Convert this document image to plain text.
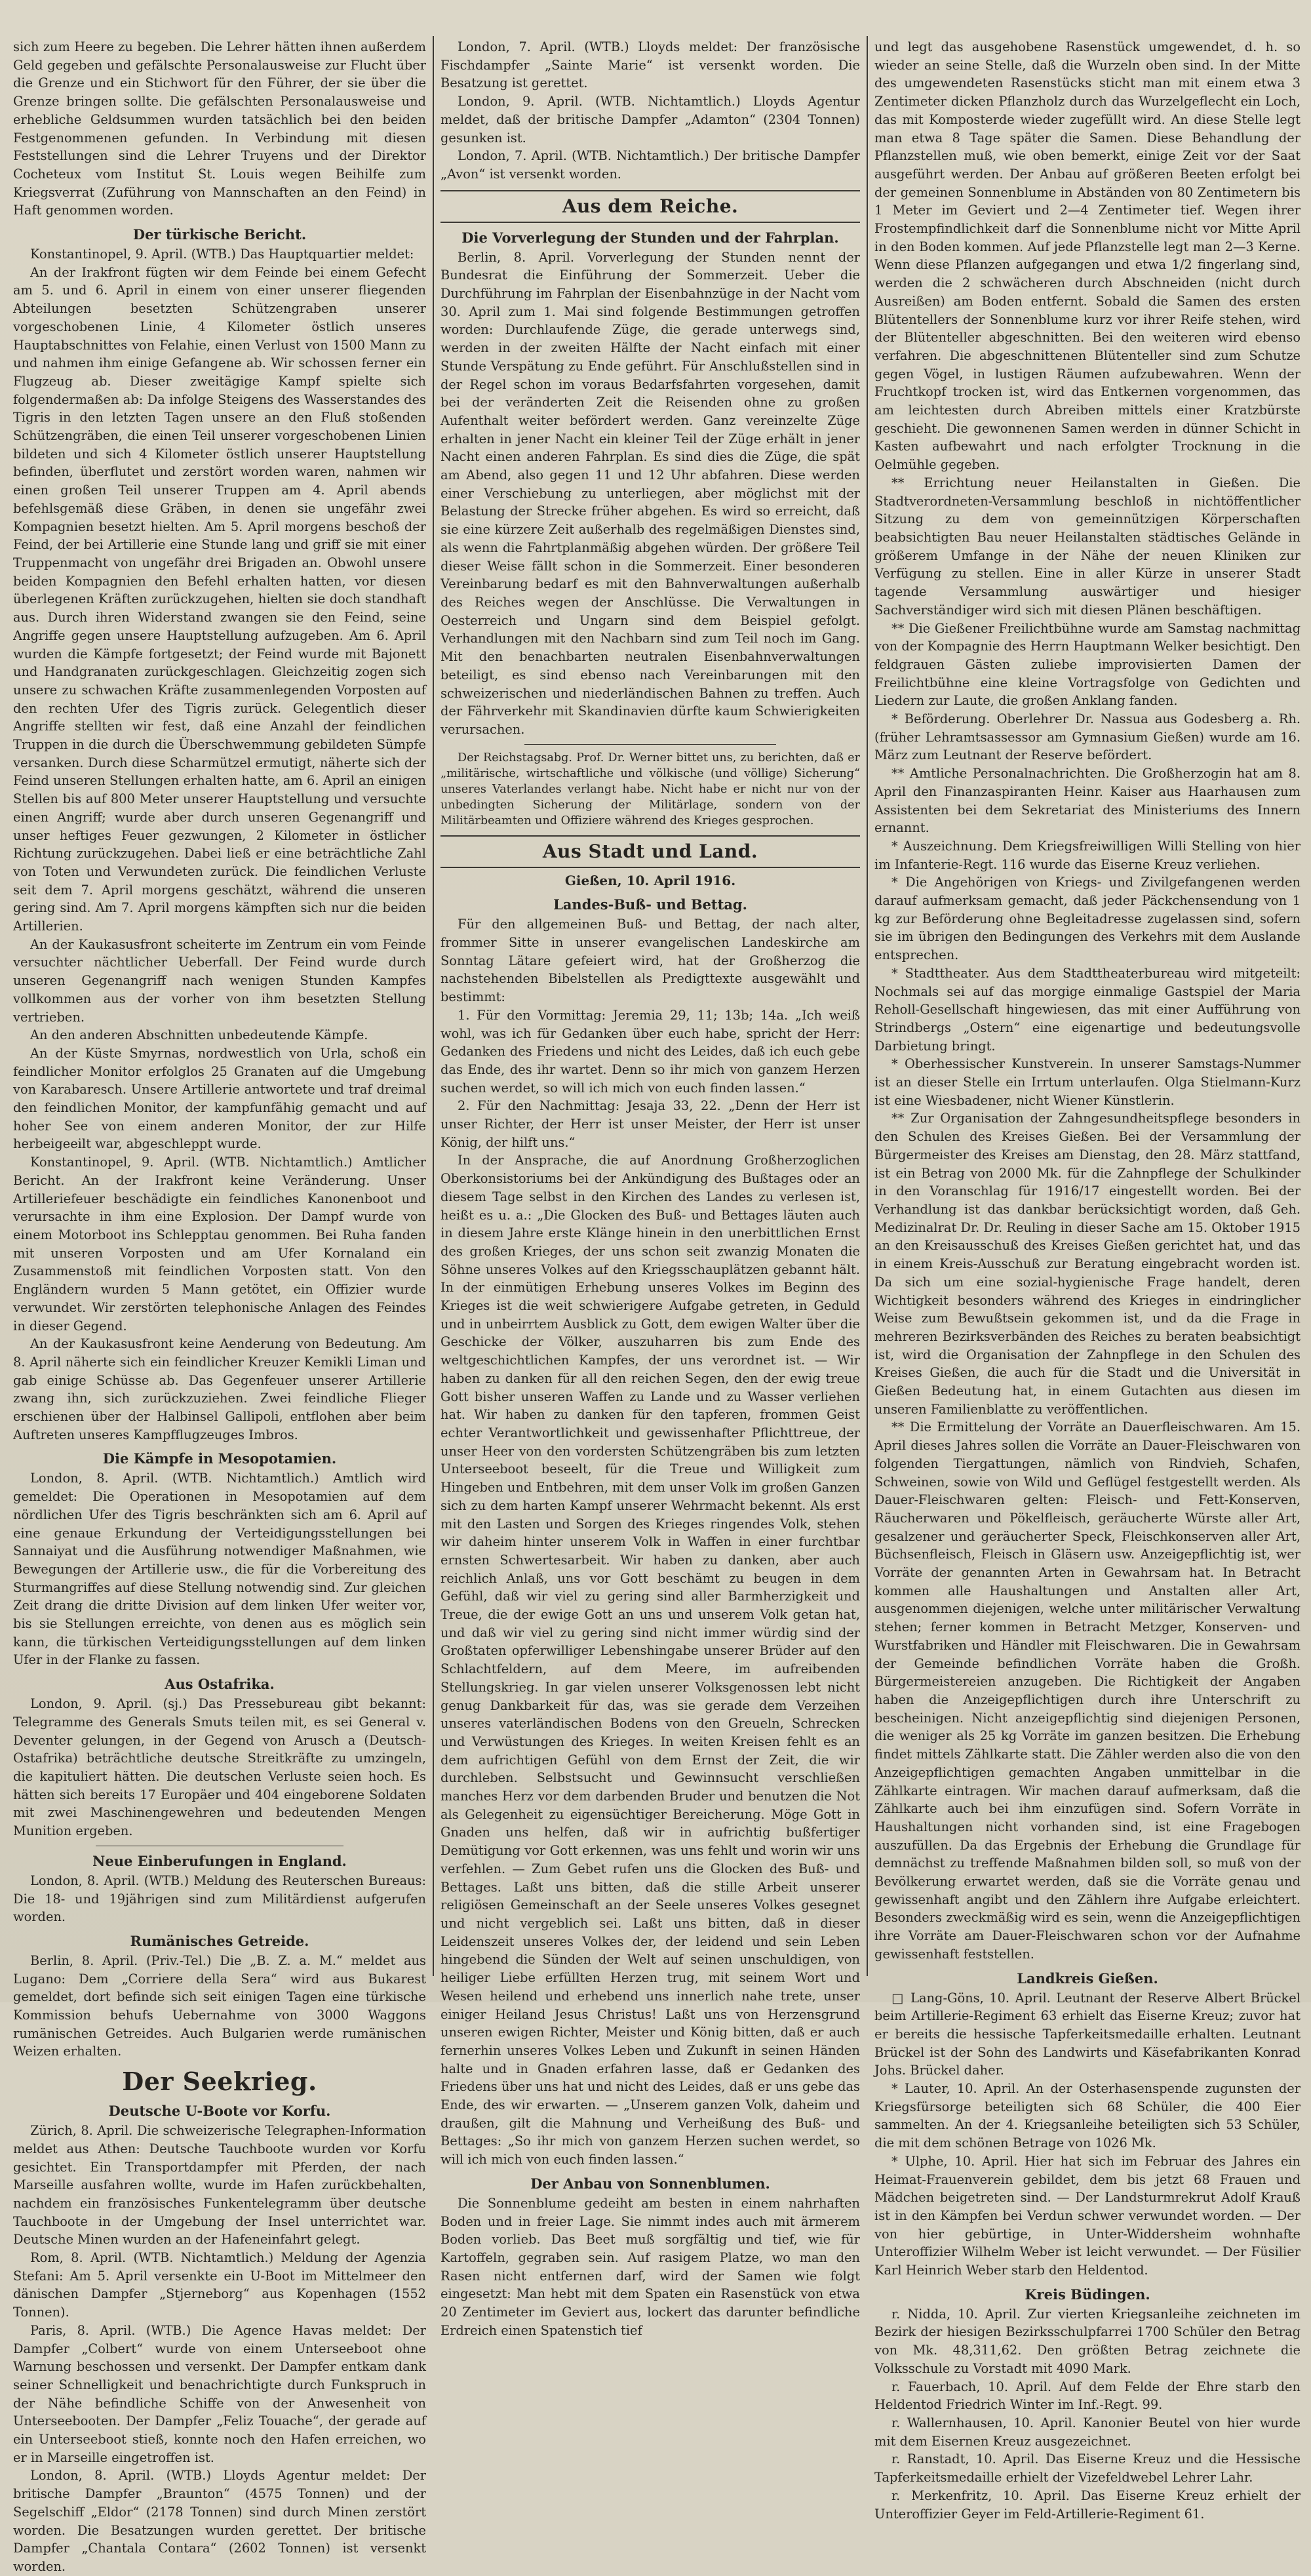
sich zum Heere zu begeben. Die Lehrer hätten ihnen außerdem Geld gegeben und gefälschte Personalausweise zur Flucht über die Grenze und ein Stichwort für den Führer, der sie über die Grenze bringen sollte. Die gefälschten Personalausweise und erhebliche Geldsummen wurden tatsächlich bei den beiden Festgenommenen gefunden. In Verbindung mit diesen Feststellungen sind die Lehrer Truyens und der Direktor Cocheteux vom Institut St. Louis wegen Beihilfe zum Kriegsverrat (Zuführung von Mannschaften an den Feind) in Haft genommen worden.

Der türkische Bericht.

Konstantinopel, 9. April. (WTB.) Das Hauptquartier meldet:

An der Irakfront fügten wir dem Feinde bei einem Gefecht am 5. und 6. April in einem von einer unserer fliegenden Abteilungen besetzten Schützengraben unserer vorgeschobenen Linie, 4 Kilometer östlich unseres Hauptabschnittes von Felahie, einen Verlust von 1500 Mann zu und nahmen ihm einige Gefangene ab. Wir schossen ferner ein Flugzeug ab. Dieser zweitägige Kampf spielte sich folgendermaßen ab: Da infolge Steigens des Wasserstandes des Tigris in den letzten Tagen unsere an den Fluß stoßenden Schützengräben, die einen Teil unserer vorgeschobenen Linien bildeten und sich 4 Kilometer östlich unserer Hauptstellung befinden, überflutet und zerstört worden waren, nahmen wir einen großen Teil unserer Truppen am 4. April abends befehlsgemäß diese Gräben, in denen sie ungefähr zwei Kompagnien besetzt hielten. Am 5. April morgens beschoß der Feind, der bei Artillerie eine Stunde lang und griff sie mit einer Truppenmacht von ungefähr drei Brigaden an. Obwohl unsere beiden Kompagnien den Befehl erhalten hatten, vor diesen überlegenen Kräften zurückzugehen, hielten sie doch standhaft aus. Durch ihren Widerstand zwangen sie den Feind, seine Angriffe gegen unsere Hauptstellung aufzugeben. Am 6. April wurden die Kämpfe fortgesetzt; der Feind wurde mit Bajonett und Handgranaten zurückgeschlagen. Gleichzeitig zogen sich unsere zu schwachen Kräfte zusammenlegenden Vorposten auf den rechten Ufer des Tigris zurück. Gelegentlich dieser Angriffe stellten wir fest, daß eine Anzahl der feindlichen Truppen in die durch die Überschwemmung gebildeten Sümpfe versanken. Durch diese Scharmützel ermutigt, näherte sich der Feind unseren Stellungen erhalten hatte, am 6. April an einigen Stellen bis auf 800 Meter unserer Hauptstellung und versuchte einen Angriff; wurde aber durch unseren Gegenangriff und unser heftiges Feuer gezwungen, 2 Kilometer in östlicher Richtung zurückzugehen. Dabei ließ er eine beträchtliche Zahl von Toten und Verwundeten zurück. Die feindlichen Verluste seit dem 7. April morgens geschätzt, während die unseren gering sind. Am 7. April morgens kämpften sich nur die beiden Artillerien.

An der Kaukasusfront scheiterte im Zentrum ein vom Feinde versuchter nächtlicher Ueberfall. Der Feind wurde durch unseren Gegenangriff nach wenigen Stunden Kampfes vollkommen aus der vorher von ihm besetzten Stellung vertrieben.

An den anderen Abschnitten unbedeutende Kämpfe.

An der Küste Smyrnas, nordwestlich von Urla, schoß ein feindlicher Monitor erfolglos 25 Granaten auf die Umgebung von Karabaresch. Unsere Artillerie antwortete und traf dreimal den feindlichen Monitor, der kampfunfähig gemacht und auf hoher See von einem anderen Monitor, der zur Hilfe herbeigeeilt war, abgeschleppt wurde.

Konstantinopel, 9. April. (WTB. Nichtamtlich.) Amtlicher Bericht. An der Irakfront keine Veränderung. Unser Artilleriefeuer beschädigte ein feindliches Kanonenboot und verursachte in ihm eine Explosion. Der Dampf wurde von einem Motorboot ins Schlepptau genommen. Bei Ruha fanden mit unseren Vorposten und am Ufer Kornaland ein Zusammenstoß mit feindlichen Vorposten statt. Von den Engländern wurden 5 Mann getötet, ein Offizier wurde verwundet. Wir zerstörten telephonische Anlagen des Feindes in dieser Gegend.

An der Kaukasusfront keine Aenderung von Bedeutung. Am 8. April näherte sich ein feindlicher Kreuzer Kemikli Liman und gab einige Schüsse ab. Das Gegenfeuer unserer Artillerie zwang ihn, sich zurückzuziehen. Zwei feindliche Flieger erschienen über der Halbinsel Gallipoli, entflohen aber beim Auftreten unseres Kampfflugzeuges Imbros.

Die Kämpfe in Mesopotamien.

London, 8. April. (WTB. Nichtamtlich.) Amtlich wird gemeldet: Die Operationen in Mesopotamien auf dem nördlichen Ufer des Tigris beschränkten sich am 6. April auf eine genaue Erkundung der Verteidigungsstellungen bei Sannaiyat und die Ausführung notwendiger Maßnahmen, wie Bewegungen der Artillerie usw., die für die Vorbereitung des Sturmangriffes auf diese Stellung notwendig sind. Zur gleichen Zeit drang die dritte Division auf dem linken Ufer weiter vor, bis sie Stellungen erreichte, von denen aus es möglich sein kann, die türkischen Verteidigungsstellungen auf dem linken Ufer in der Flanke zu fassen.

Aus Ostafrika.

London, 9. April. (sj.) Das Pressebureau gibt bekannt: Telegramme des Generals Smuts teilen mit, es sei General v. Deventer gelungen, in der Gegend von Arusch a (Deutsch-Ostafrika) beträchtliche deutsche Streitkräfte zu umzingeln, die kapituliert hätten. Die deutschen Verluste seien hoch. Es hätten sich bereits 17 Europäer und 404 eingeborene Soldaten mit zwei Maschinengewehren und bedeutenden Mengen Munition ergeben.

Neue Einberufungen in England.

London, 8. April. (WTB.) Meldung des Reuterschen Bureaus: Die 18- und 19jährigen sind zum Militärdienst aufgerufen worden.

Rumänisches Getreide.

Berlin, 8. April. (Priv.-Tel.) Die „B. Z. a. M.“ meldet aus Lugano: Dem „Corriere della Sera“ wird aus Bukarest gemeldet, dort befinde sich seit einigen Tagen eine türkische Kommission behufs Uebernahme von 3000 Waggons rumänischen Getreides. Auch Bulgarien werde rumänischen Weizen erhalten.

Der Seekrieg.
Deutsche U-Boote vor Korfu.

Zürich, 8. April. Die schweizerische Telegraphen-Information meldet aus Athen: Deutsche Tauchboote wurden vor Korfu gesichtet. Ein Transportdampfer mit Pferden, der nach Marseille ausfahren wollte, wurde im Hafen zurückbehalten, nachdem ein französisches Funkentelegramm über deutsche Tauchboote in der Umgebung der Insel unterrichtet war. Deutsche Minen wurden an der Hafeneinfahrt gelegt.

Rom, 8. April. (WTB. Nichtamtlich.) Meldung der Agenzia Stefani: Am 5. April versenkte ein U-Boot im Mittelmeer den dänischen Dampfer „Stjerneborg“ aus Kopenhagen (1552 Tonnen).

Paris, 8. April. (WTB.) Die Agence Havas meldet: Der Dampfer „Colbert“ wurde von einem Unterseeboot ohne Warnung beschossen und versenkt. Der Dampfer entkam dank seiner Schnelligkeit und benachrichtigte durch Funkspruch in der Nähe befindliche Schiffe von der Anwesenheit von Unterseebooten. Der Dampfer „Feliz Touache“, der gerade auf ein Unterseeboot stieß, konnte noch den Hafen erreichen, wo er in Marseille eingetroffen ist.

London, 8. April. (WTB.) Lloyds Agentur meldet: Der britische Dampfer „Braunton“ (4575 Tonnen) und der Segelschiff „Eldor“ (2178 Tonnen) sind durch Minen zerstört worden. Die Besatzungen wurden gerettet. Der britische Dampfer „Chantala Contara“ (2602 Tonnen) ist versenkt worden.

London, 7. April. (WTB.) Lloyds meldet: Der französische Fischdampfer „Sainte Marie“ ist versenkt worden. Die Besatzung ist gerettet.

London, 9. April. (WTB. Nichtamtlich.) Lloyds Agentur meldet, daß der britische Dampfer „Adamton“ (2304 Tonnen) gesunken ist.

London, 7. April. (WTB. Nichtamtlich.) Der britische Dampfer „Avon“ ist versenkt worden.

Aus dem Reiche.
Die Vorverlegung der Stunden und der Fahrplan.

Berlin, 8. April. Vorverlegung der Stunden nennt der Bundesrat die Einführung der Sommerzeit. Ueber die Durchführung im Fahrplan der Eisenbahnzüge in der Nacht vom 30. April zum 1. Mai sind folgende Bestimmungen getroffen worden: Durchlaufende Züge, die gerade unterwegs sind, werden in der zweiten Hälfte der Nacht einfach mit einer Stunde Verspätung zu Ende geführt. Für Anschlußstellen sind in der Regel schon im voraus Bedarfsfahrten vorgesehen, damit bei der veränderten Zeit die Reisenden ohne zu großen Aufenthalt weiter befördert werden. Ganz vereinzelte Züge erhalten in jener Nacht ein kleiner Teil der Züge erhält in jener Nacht einen anderen Fahrplan. Es sind dies die Züge, die spät am Abend, also gegen 11 und 12 Uhr abfahren. Diese werden einer Verschiebung zu unterliegen, aber möglichst mit der Belastung der Strecke früher abgehen. Es wird so erreicht, daß sie eine kürzere Zeit außerhalb des regelmäßigen Dienstes sind, als wenn die Fahrtplanmäßig abgehen würden. Der größere Teil dieser Weise fällt schon in die Sommerzeit. Einer besonderen Vereinbarung bedarf es mit den Bahnverwaltungen außerhalb des Reiches wegen der Anschlüsse. Die Verwaltungen in Oesterreich und Ungarn sind dem Beispiel gefolgt. Verhandlungen mit den Nachbarn sind zum Teil noch im Gang. Mit den benachbarten neutralen Eisenbahnverwaltungen beteiligt, es sind ebenso nach Vereinbarungen mit den schweizerischen und niederländischen Bahnen zu treffen. Auch der Fährverkehr mit Skandinavien dürfte kaum Schwierigkeiten verursachen.

Der Reichstagsabg. Prof. Dr. Werner bittet uns, zu berichten, daß er „militärische, wirtschaftliche und völkische (und völlige) Sicherung“ unseres Vaterlandes verlangt habe. Nicht habe er nicht nur von der unbedingten Sicherung der Militärlage, sondern von der Militärbeamten und Offiziere während des Krieges gesprochen.

Aus Stadt und Land.
Gießen, 10. April 1916.
Landes-Buß- und Bettag.

Für den allgemeinen Buß- und Bettag, der nach alter, frommer Sitte in unserer evangelischen Landeskirche am Sonntag Lätare gefeiert wird, hat der Großherzog die nachstehenden Bibelstellen als Predigttexte ausgewählt und bestimmt:

1. Für den Vormittag: Jeremia 29, 11; 13b; 14a. „Ich weiß wohl, was ich für Gedanken über euch habe, spricht der Herr: Gedanken des Friedens und nicht des Leides, daß ich euch gebe das Ende, des ihr wartet. Denn so ihr mich von ganzem Herzen suchen werdet, so will ich mich von euch finden lassen.“

2. Für den Nachmittag: Jesaja 33, 22. „Denn der Herr ist unser Richter, der Herr ist unser Meister, der Herr ist unser König, der hilft uns.“

In der Ansprache, die auf Anordnung Großherzoglichen Oberkonsistoriums bei der Ankündigung des Bußtages oder an diesem Tage selbst in den Kirchen des Landes zu verlesen ist, heißt es u. a.: „Die Glocken des Buß- und Bettages läuten auch in diesem Jahre erste Klänge hinein in den unerbittlichen Ernst des großen Krieges, der uns schon seit zwanzig Monaten die Söhne unseres Volkes auf den Kriegsschauplätzen gebannt hält. In der einmütigen Erhebung unseres Volkes im Beginn des Krieges ist die weit schwierigere Aufgabe getreten, in Geduld und in unbeirrtem Ausblick zu Gott, dem ewigen Walter über die Geschicke der Völker, auszuharren bis zum Ende des weltgeschichtlichen Kampfes, der uns verordnet ist. — Wir haben zu danken für all den reichen Segen, den der ewig treue Gott bisher unseren Waffen zu Lande und zu Wasser verliehen hat. Wir haben zu danken für den tapferen, frommen Geist echter Verantwortlichkeit und gewissenhafter Pflichttreue, der unser Heer von den vordersten Schützengräben bis zum letzten Unterseeboot beseelt, für die Treue und Willigkeit zum Hingeben und Entbehren, mit dem unser Volk im großen Ganzen sich zu dem harten Kampf unserer Wehrmacht bekennt. Als erst mit den Lasten und Sorgen des Krieges ringendes Volk, stehen wir daheim hinter unserem Volk in Waffen in einer furchtbar ernsten Schwertesarbeit. Wir haben zu danken, aber auch reichlich Anlaß, uns vor Gott beschämt zu beugen in dem Gefühl, daß wir viel zu gering sind aller Barmherzigkeit und Treue, die der ewige Gott an uns und unserem Volk getan hat, und daß wir viel zu gering sind nicht immer würdig sind der Großtaten opferwilliger Lebenshingabe unserer Brüder auf den Schlachtfeldern, auf dem Meere, im aufreibenden Stellungskrieg. In gar vielen unserer Volksgenossen lebt nicht genug Dankbarkeit für das, was sie gerade dem Verzeihen unseres vaterländischen Bodens von den Greueln, Schrecken und Verwüstungen des Krieges. In weiten Kreisen fehlt es an dem aufrichtigen Gefühl von dem Ernst der Zeit, die wir durchleben. Selbstsucht und Gewinnsucht verschließen manches Herz vor dem darbenden Bruder und benutzen die Not als Gelegenheit zu eigensüchtiger Bereicherung. Möge Gott in Gnaden uns helfen, daß wir in aufrichtig bußfertiger Demütigung vor Gott erkennen, was uns fehlt und worin wir uns verfehlen. — Zum Gebet rufen uns die Glocken des Buß- und Bettages. Laßt uns bitten, daß die stille Arbeit unserer religiösen Gemeinschaft an der Seele unseres Volkes gesegnet und nicht vergeblich sei. Laßt uns bitten, daß in dieser Leidenszeit unseres Volkes der, der leidend und sein Leben hingebend die Sünden der Welt auf seinen unschuldigen, von heiliger Liebe erfüllten Herzen trug, mit seinem Wort und Wesen heilend und erhebend uns innerlich nahe trete, unser einiger Heiland Jesus Christus! Laßt uns von Herzensgrund unseren ewigen Richter, Meister und König bitten, daß er auch fernerhin unseres Volkes Leben und Zukunft in seinen Händen halte und in Gnaden erfahren lasse, daß er Gedanken des Friedens über uns hat und nicht des Leides, daß er uns gebe das Ende, des wir erwarten. — „Unserem ganzen Volk, daheim und draußen, gilt die Mahnung und Verheißung des Buß- und Bettages: „So ihr mich von ganzem Herzen suchen werdet, so will ich mich von euch finden lassen.“

Der Anbau von Sonnenblumen.

Die Sonnenblume gedeiht am besten in einem nahrhaften Boden und in freier Lage. Sie nimmt indes auch mit ärmerem Boden vorlieb. Das Beet muß sorgfältig und tief, wie für Kartoffeln, gegraben sein. Auf rasigem Platze, wo man den Rasen nicht entfernen darf, wird der Samen wie folgt eingesetzt: Man hebt mit dem Spaten ein Rasenstück von etwa 20 Zentimeter im Geviert aus, lockert das darunter befindliche Erdreich einen Spatenstich tief

und legt das ausgehobene Rasenstück umgewendet, d. h. so wieder an seine Stelle, daß die Wurzeln oben sind. In der Mitte des umgewendeten Rasenstücks sticht man mit einem etwa 3 Zentimeter dicken Pflanzholz durch das Wurzelgeflecht ein Loch, das mit Komposterde wieder zugefüllt wird. An diese Stelle legt man etwa 8 Tage später die Samen. Diese Behandlung der Pflanzstellen muß, wie oben bemerkt, einige Zeit vor der Saat ausgeführt werden. Der Anbau auf größeren Beeten erfolgt bei der gemeinen Sonnenblume in Abständen von 80 Zentimetern bis 1 Meter im Geviert und 2—4 Zentimeter tief. Wegen ihrer Frostempfindlichkeit darf die Sonnenblume nicht vor Mitte April in den Boden kommen. Auf jede Pflanzstelle legt man 2—3 Kerne. Wenn diese Pflanzen aufgegangen und etwa 1/2 fingerlang sind, werden die 2 schwächeren durch Abschneiden (nicht durch Ausreißen) am Boden entfernt. Sobald die Samen des ersten Blütentellers der Sonnenblume kurz vor ihrer Reife stehen, wird der Blütenteller abgeschnitten. Bei den weiteren wird ebenso verfahren. Die abgeschnittenen Blütenteller sind zum Schutze gegen Vögel, in lustigen Räumen aufzubewahren. Wenn der Fruchtkopf trocken ist, wird das Entkernen vorgenommen, das am leichtesten durch Abreiben mittels einer Kratzbürste geschieht. Die gewonnenen Samen werden in dünner Schicht in Kasten aufbewahrt und nach erfolgter Trocknung in die Oelmühle gegeben.

** Errichtung neuer Heilanstalten in Gießen. Die Stadtverordneten-Versammlung beschloß in nichtöffentlicher Sitzung zu dem von gemeinnützigen Körperschaften beabsichtigten Bau neuer Heilanstalten städtisches Gelände in größerem Umfange in der Nähe der neuen Kliniken zur Verfügung zu stellen. Eine in aller Kürze in unserer Stadt tagende Versammlung auswärtiger und hiesiger Sachverständiger wird sich mit diesen Plänen beschäftigen.

** Die Gießener Freilichtbühne wurde am Samstag nachmittag von der Kompagnie des Herrn Hauptmann Welker besichtigt. Den feldgrauen Gästen zuliebe improvisierten Damen der Freilichtbühne eine kleine Vortragsfolge von Gedichten und Liedern zur Laute, die großen Anklang fanden.

* Beförderung. Oberlehrer Dr. Nassua aus Godesberg a. Rh. (früher Lehramtsassessor am Gymnasium Gießen) wurde am 16. März zum Leutnant der Reserve befördert.

** Amtliche Personalnachrichten. Die Großherzogin hat am 8. April den Finanzaspiranten Heinr. Kaiser aus Haarhausen zum Assistenten bei dem Sekretariat des Ministeriums des Innern ernannt.

* Auszeichnung. Dem Kriegsfreiwilligen Willi Stelling von hier im Infanterie-Regt. 116 wurde das Eiserne Kreuz verliehen.

* Die Angehörigen von Kriegs- und Zivilgefangenen werden darauf aufmerksam gemacht, daß jeder Päckchensendung von 1 kg zur Beförderung ohne Begleitadresse zugelassen sind, sofern sie im übrigen den Bedingungen des Verkehrs mit dem Auslande entsprechen.

* Stadttheater. Aus dem Stadttheaterbureau wird mitgeteilt: Nochmals sei auf das morgige einmalige Gastspiel der Maria Reholl-Gesellschaft hingewiesen, das mit einer Aufführung von Strindbergs „Ostern“ eine eigenartige und bedeutungsvolle Darbietung bringt.

* Oberhessischer Kunstverein. In unserer Samstags-Nummer ist an dieser Stelle ein Irrtum unterlaufen. Olga Stielmann-Kurz ist eine Wiesbadener, nicht Wiener Künstlerin.

** Zur Organisation der Zahngesundheitspflege besonders in den Schulen des Kreises Gießen. Bei der Versammlung der Bürgermeister des Kreises am Dienstag, den 28. März stattfand, ist ein Betrag von 2000 Mk. für die Zahnpflege der Schulkinder in den Voranschlag für 1916/17 eingestellt worden. Bei der Verhandlung ist das dankbar berücksichtigt worden, daß Geh. Medizinalrat Dr. Dr. Reuling in dieser Sache am 15. Oktober 1915 an den Kreisausschuß des Kreises Gießen gerichtet hat, und das in einem Kreis-Ausschuß zur Beratung eingebracht worden ist. Da sich um eine sozial-hygienische Frage handelt, deren Wichtigkeit besonders während des Krieges in eindringlicher Weise zum Bewußtsein gekommen ist, und da die Frage in mehreren Bezirksverbänden des Reiches zu beraten beabsichtigt ist, wird die Organisation der Zahnpflege in den Schulen des Kreises Gießen, die auch für die Stadt und die Universität in Gießen Bedeutung hat, in einem Gutachten aus diesen im unseren Familienblatte zu veröffentlichen.

** Die Ermittelung der Vorräte an Dauerfleischwaren. Am 15. April dieses Jahres sollen die Vorräte an Dauer-Fleischwaren von folgenden Tiergattungen, nämlich von Rindvieh, Schafen, Schweinen, sowie von Wild und Geflügel festgestellt werden. Als Dauer-Fleischwaren gelten: Fleisch- und Fett-Konserven, Räucherwaren und Pökelfleisch, geräucherte Würste aller Art, gesalzener und geräucherter Speck, Fleischkonserven aller Art, Büchsenfleisch, Fleisch in Gläsern usw. Anzeigepflichtig ist, wer Vorräte der genannten Arten in Gewahrsam hat. In Betracht kommen alle Haushaltungen und Anstalten aller Art, ausgenommen diejenigen, welche unter militärischer Verwaltung stehen; ferner kommen in Betracht Metzger, Konserven- und Wurstfabriken und Händler mit Fleischwaren. Die in Gewahrsam der Gemeinde befindlichen Vorräte haben die Großh. Bürgermeistereien anzugeben. Die Richtigkeit der Angaben haben die Anzeigepflichtigen durch ihre Unterschrift zu bescheinigen. Nicht anzeigepflichtig sind diejenigen Personen, die weniger als 25 kg Vorräte im ganzen besitzen. Die Erhebung findet mittels Zählkarte statt. Die Zähler werden also die von den Anzeigepflichtigen gemachten Angaben unmittelbar in die Zählkarte eintragen. Wir machen darauf aufmerksam, daß die Zählkarte auch bei ihm einzufügen sind. Sofern Vorräte in Haushaltungen nicht vorhanden sind, ist eine Fragebogen auszufüllen. Da das Ergebnis der Erhebung die Grundlage für demnächst zu treffende Maßnahmen bilden soll, so muß von der Bevölkerung erwartet werden, daß sie die Vorräte genau und gewissenhaft angibt und den Zählern ihre Aufgabe erleichtert. Besonders zweckmäßig wird es sein, wenn die Anzeigepflichtigen ihre Vorräte am Dauer-Fleischwaren schon vor der Aufnahme gewissenhaft feststellen.

Landkreis Gießen.

□ Lang-Göns, 10. April. Leutnant der Reserve Albert Brückel beim Artillerie-Regiment 63 erhielt das Eiserne Kreuz; zuvor hat er bereits die hessische Tapferkeitsmedaille erhalten. Leutnant Brückel ist der Sohn des Landwirts und Käsefabrikanten Konrad Johs. Brückel daher.

* Lauter, 10. April. An der Osterhasenspende zugunsten der Kriegsfürsorge beteiligten sich 68 Schüler, die 400 Eier sammelten. An der 4. Kriegsanleihe beteiligten sich 53 Schüler, die mit dem schönen Betrage von 1026 Mk.

* Ulphe, 10. April. Hier hat sich im Februar des Jahres ein Heimat-Frauenverein gebildet, dem bis jetzt 68 Frauen und Mädchen beigetreten sind. — Der Landsturmrekrut Adolf Krauß ist in den Kämpfen bei Verdun schwer verwundet worden. — Der von hier gebürtige, in Unter-Widdersheim wohnhafte Unteroffizier Wilhelm Weber ist leicht verwundet. — Der Füsilier Karl Heinrich Weber starb den Heldentod.

Kreis Büdingen.

r. Nidda, 10. April. Zur vierten Kriegsanleihe zeichneten im Bezirk der hiesigen Bezirksschulpfarrei 1700 Schüler den Betrag von Mk. 48,311,62. Den größten Betrag zeichnete die Volksschule zu Vorstadt mit 4090 Mark.

r. Fauerbach, 10. April. Auf dem Felde der Ehre starb den Heldentod Friedrich Winter im Inf.-Regt. 99.

r. Wallernhausen, 10. April. Kanonier Beutel von hier wurde mit dem Eisernen Kreuz ausgezeichnet.

r. Ranstadt, 10. April. Das Eiserne Kreuz und die Hessische Tapferkeitsmedaille erhielt der Vizefeldwebel Lehrer Lahr.

r. Merkenfritz, 10. April. Das Eiserne Kreuz erhielt der Unteroffizier Geyer im Feld-Artillerie-Regiment 61.
